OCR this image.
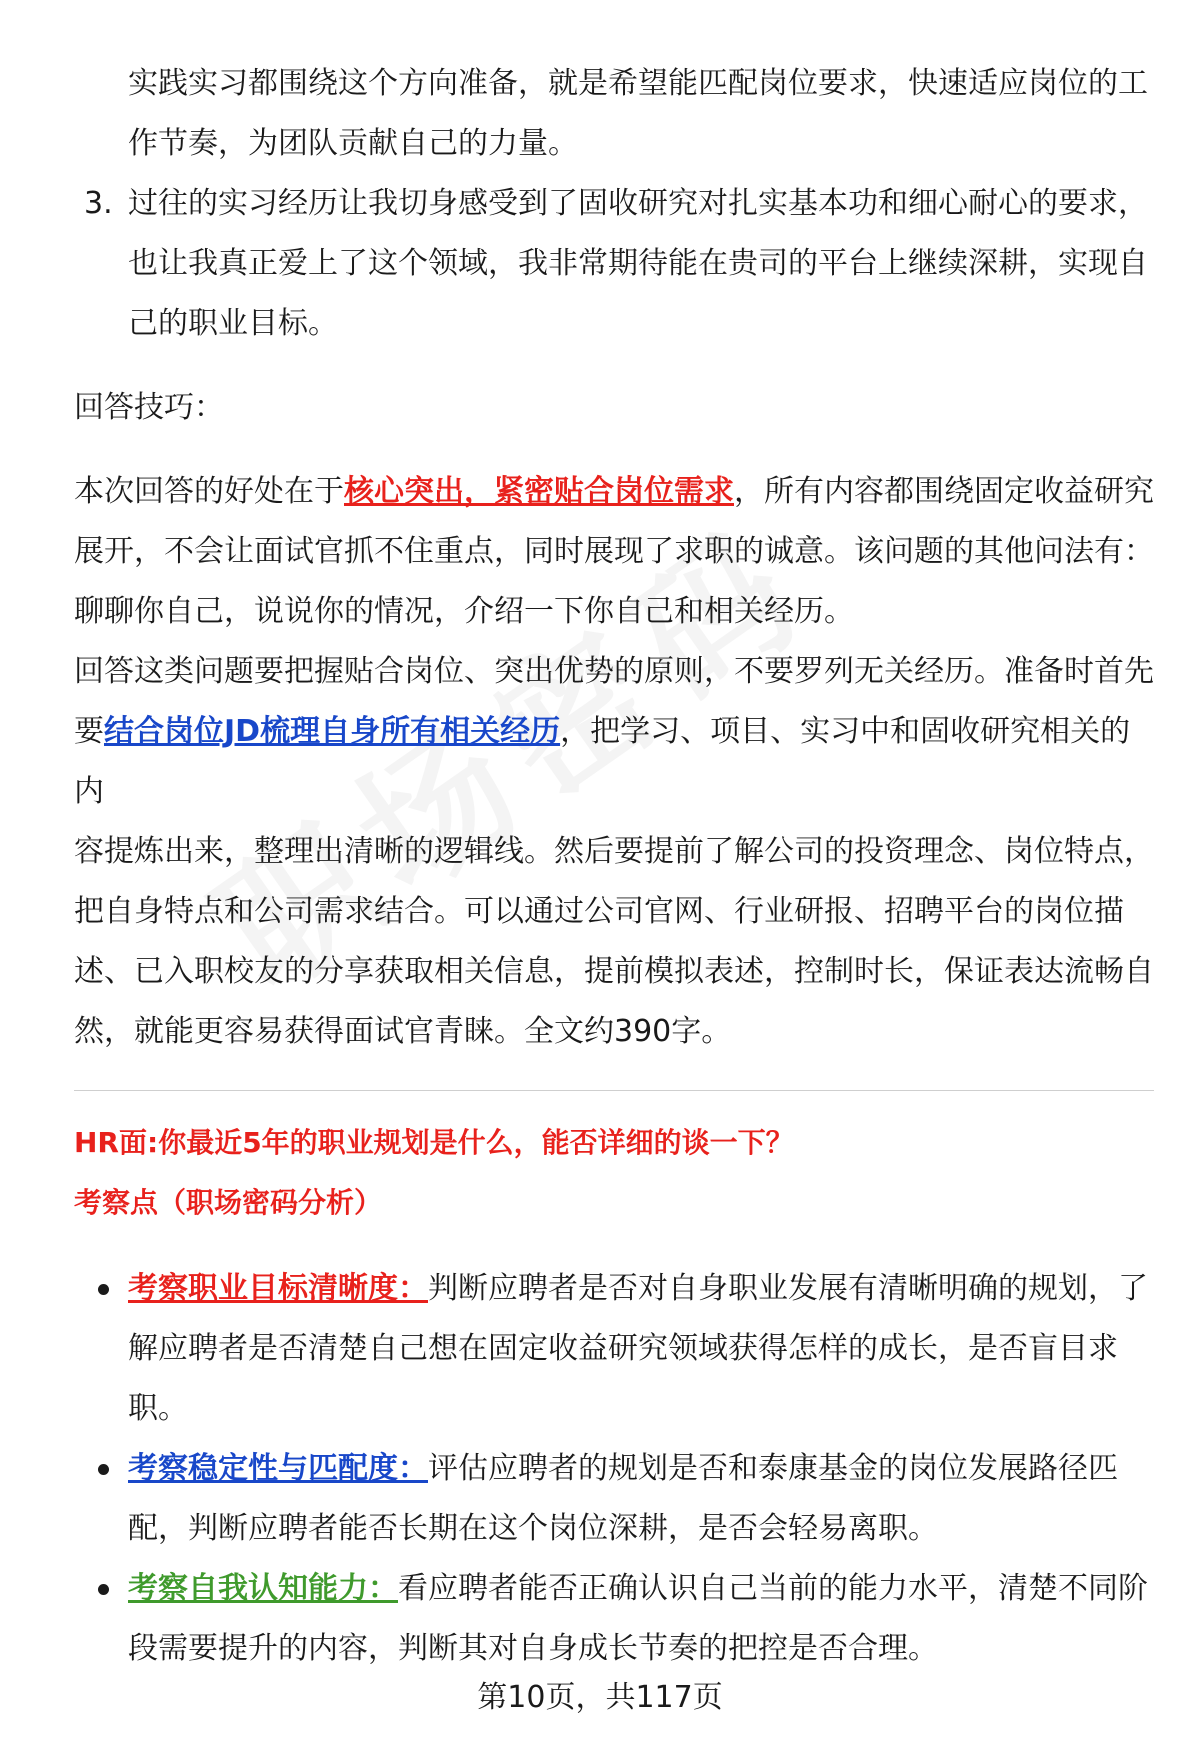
实践实习都围绕这个方向准备，就是希望能匹配岗位要求，快速适应岗位的工

作节奏，为团队贡献自己的力量。

3. 过往的实习经历让我切身感受到了固收研究对扎实基本功和细心耐心的要求，

也让我真正爱上了这个领域，我非常期待能在贵司的平台上继续深耕，实现自

己的职业目标。

回答技巧：

本次回答的好处在于核心突出，紧密贴合岗位需求，所有内容都围绕固定收益研究

展开，不会让面试官抓不住重点，同时展现了求职的诚意。该问题的其他问法有：

聊聊你自己，说说你的情况，介绍一下你自己和相关经历。

回答这类问题要把握贴合岗位、突出优势的原则，不要罗列无关经历。准备时首先

要结合岗位JD梳理自身所有相关经历，把学习、项目、实习中和固收研究相关的内

容提炼出来，整理出清晰的逻辑线。然后要提前了解公司的投资理念、岗位特点，

把自身特点和公司需求结合。可以通过公司官网、行业研报、招聘平台的岗位描

述、已入职校友的分享获取相关信息，提前模拟表述，控制时长，保证表达流畅自

然，就能更容易获得面试官青睐。全文约390字。

HR面:你最近5年的职业规划是什么，能否详细的谈一下？

考察点（职场密码分析）

考察职业目标清晰度：判断应聘者是否对自身职业发展有清晰明确的规划，了

解应聘者是否清楚自己想在固定收益研究领域获得怎样的成长，是否盲目求

职。

考察稳定性与匹配度：评估应聘者的规划是否和泰康基金的岗位发展路径匹

配，判断应聘者能否长期在这个岗位深耕，是否会轻易离职。

考察自我认知能力：看应聘者能否正确认识自己当前的能力水平，清楚不同阶

段需要提升的内容，判断其对自身成长节奏的把控是否合理。

第10页，共117页
